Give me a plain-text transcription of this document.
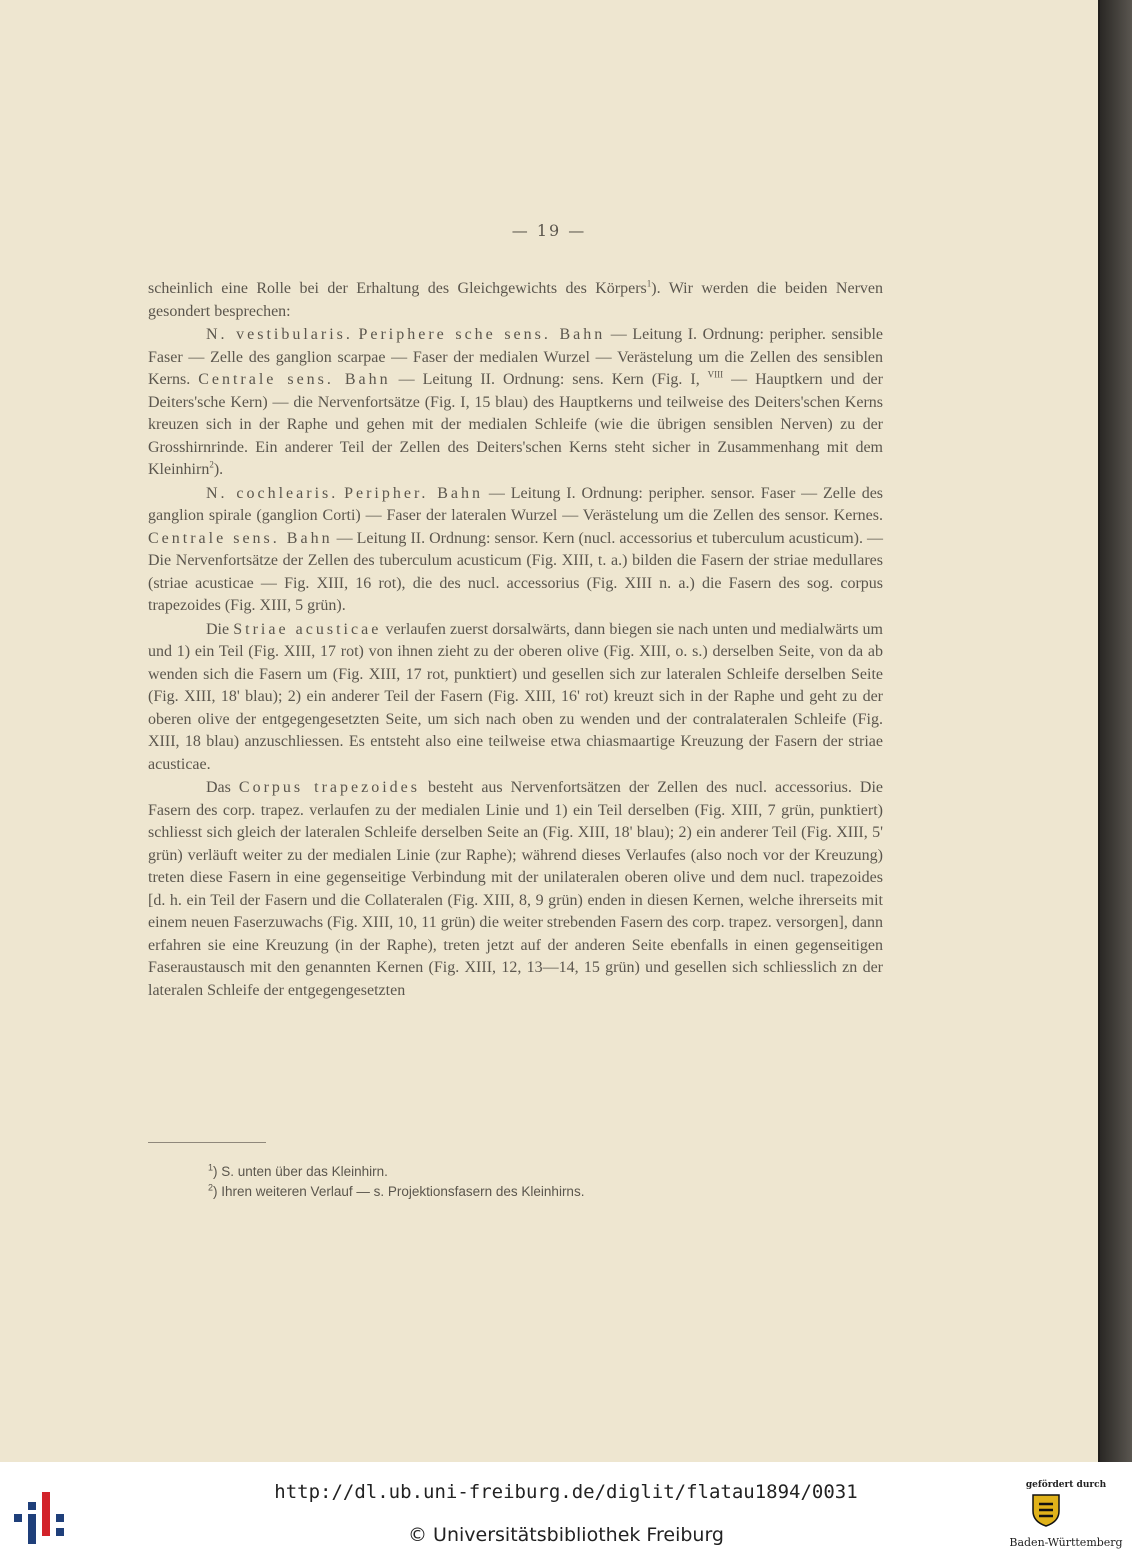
— 19 —

scheinlich eine Rolle bei der Erhaltung des Gleichgewichts des Körpers$^1$). Wir werden die beiden Nerven gesondert besprechen:

N. vestibularis. Periphere sche sens. Bahn — Leitung I. Ordnung: peripher. sensible Faser — Zelle des ganglion scarpae — Faser der medialen Wurzel — Verästelung um die Zellen des sensiblen Kerns. Centrale sens. Bahn — Leitung II. Ordnung: sens. Kern (Fig. I, $^{VIII}$ — Hauptkern und der Deiters'sche Kern) — die Nervenfortsätze (Fig. I, 15 blau) des Hauptkerns und teilweise des Deiters'schen Kerns kreuzen sich in der Raphe und gehen mit der medialen Schleife (wie die übrigen sensiblen Nerven) zu der Grosshirnrinde. Ein anderer Teil der Zellen des Deiters'schen Kerns steht sicher in Zusammenhang mit dem Kleinhirn$^2$).

N. cochlearis. Peripher. Bahn — Leitung I. Ordnung: peripher. sensor. Faser — Zelle des ganglion spirale (ganglion Corti) — Faser der lateralen Wurzel — Verästelung um die Zellen des sensor. Kernes. Centrale sens. Bahn — Leitung II. Ordnung: sensor. Kern (nucl. accessorius et tuberculum acusticum). — Die Nervenfortsätze der Zellen des tuberculum acusticum (Fig. XIII, t. a.) bilden die Fasern der striae medullares (striae acusticae — Fig. XIII, 16 rot), die des nucl. accessorius (Fig. XIII n. a.) die Fasern des sog. corpus trapezoides (Fig. XIII, 5 grün).

Die Striae acusticae verlaufen zuerst dorsalwärts, dann biegen sie nach unten und medialwärts um und 1) ein Teil (Fig. XIII, 17 rot) von ihnen zieht zu der oberen olive (Fig. XIII, o. s.) derselben Seite, von da ab wenden sich die Fasern um (Fig. XIII, 17 rot, punktiert) und gesellen sich zur lateralen Schleife derselben Seite (Fig. XIII, 18' blau); 2) ein anderer Teil der Fasern (Fig. XIII, 16' rot) kreuzt sich in der Raphe und geht zu der oberen olive der entgegengesetzten Seite, um sich nach oben zu wenden und der contralateralen Schleife (Fig. XIII, 18 blau) anzuschliessen. Es entsteht also eine teilweise etwa chiasmaartige Kreuzung der Fasern der striae acusticae.

Das Corpus trapezoides besteht aus Nervenfortsätzen der Zellen des nucl. accessorius. Die Fasern des corp. trapez. verlaufen zu der medialen Linie und 1) ein Teil derselben (Fig. XIII, 7 grün, punktiert) schliesst sich gleich der lateralen Schleife derselben Seite an (Fig. XIII, 18' blau); 2) ein anderer Teil (Fig. XIII, 5' grün) verläuft weiter zu der medialen Linie (zur Raphe); während dieses Verlaufes (also noch vor der Kreuzung) treten diese Fasern in eine gegenseitige Verbindung mit der unilateralen oberen olive und dem nucl. trapezoides [d. h. ein Teil der Fasern und die Collateralen (Fig. XIII, 8, 9 grün) enden in diesen Kernen, welche ihrerseits mit einem neuen Faserzuwachs (Fig. XIII, 10, 11 grün) die weiter strebenden Fasern des corp. trapez. versorgen], dann erfahren sie eine Kreuzung (in der Raphe), treten jetzt auf der anderen Seite ebenfalls in einen gegenseitigen Faseraustausch mit den genannten Kernen (Fig. XIII, 12, 13—14, 15 grün) und gesellen sich schliesslich zn der lateralen Schleife der entgegengesetzten

$^1$) S. unten über das Kleinhirn.
$^2$) Ihren weiteren Verlauf — s. Projektionsfasern des Kleinhirns.
http://dl.ub.uni-freiburg.de/diglit/flatau1894/0031
© Universitätsbibliothek Freiburg
gefördert durch
Baden-Württemberg
